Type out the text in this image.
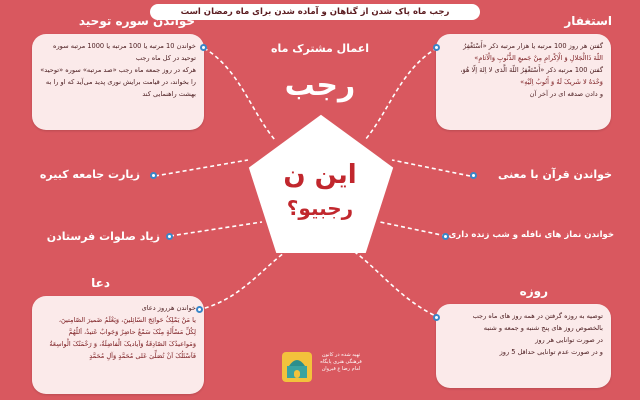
رجب ماه پاک شدن از گناهان و آماده شدن برای ماه رمضان است
خواندن سوره توحید

خواندن 10 مرتبه یا 100 مرتبه یا 1000 مرتبه سوره توحید در کل ماه رجب

هرکه در روز جمعه ماه رجب «صد مرتبه» سوره «توحید» را بخواند، در قیامت برایش نوری پدید می‌آید که او را به بهشت راهنمایی کند

استغفار

گفتن هر روز 100 مرتبه یا هزار مرتبه ذکر «أَسْتَغْفِرُ

اللّهَ ذَاالْجَلالِ وَ الْاِکْرامِ مِنْ جَمیعِ الذُّنُوبِ وَالْآثامِ»

گفتن 100 مرتبه ذکر «أَسْتَغْفِرُ اللّهَ الَّذى لا اِلهَ اِلّا هُوَ،

وَحْدَهُ لا شَریکَ لَهُ وَ أَتُوبُ اِلَیْهِ»

و دادن صدقه ای در آخر آن

اعمال مشترک ماه
رجب
این ن
رجبیو؟
زیارت جامعه کبیره
زیاد صلوات فرستادن
خواندن قرآن با معنی
خواندن نماز های نافله و شب زنده داری
دعا

خواندن هرروز دعای

یا مَنْ یَمْلِکُ حَوائِجَ السّائِلینَ، وَیَعْلَمُ ضَمیرَ الصّامِتینَ،

لِکُلِّ مَسْأَلَةٍ مِنْکَ سَمْعٌ حاضِرٌ وَجَوابٌ عَتیدٌ، اَللّهُمَّ

وَمَواعیدُکَ الصّادِقَةُ وَاَیادیکَ الْفاضِلَةُ، وَ رَحْمَتُکَ الْواسِعَةُ

فَاَسْئَلُکَ اَنْ تُصَلِّیَ عَلی مُحَمَّدٍ وَآلِ مُحَمَّدٍ

روزه

توصیه به روزه گرفتن در همه روز های ماه رجب

بالخصوص روز های پنج شنبه و جمعه و شنبه

در صورت توانایی هر روز

و در صورت عدم توانایی حداقل 5 روز

تهیه شده در کانون فرهنگی هنری پایگاه امام رضا ع قیروان
